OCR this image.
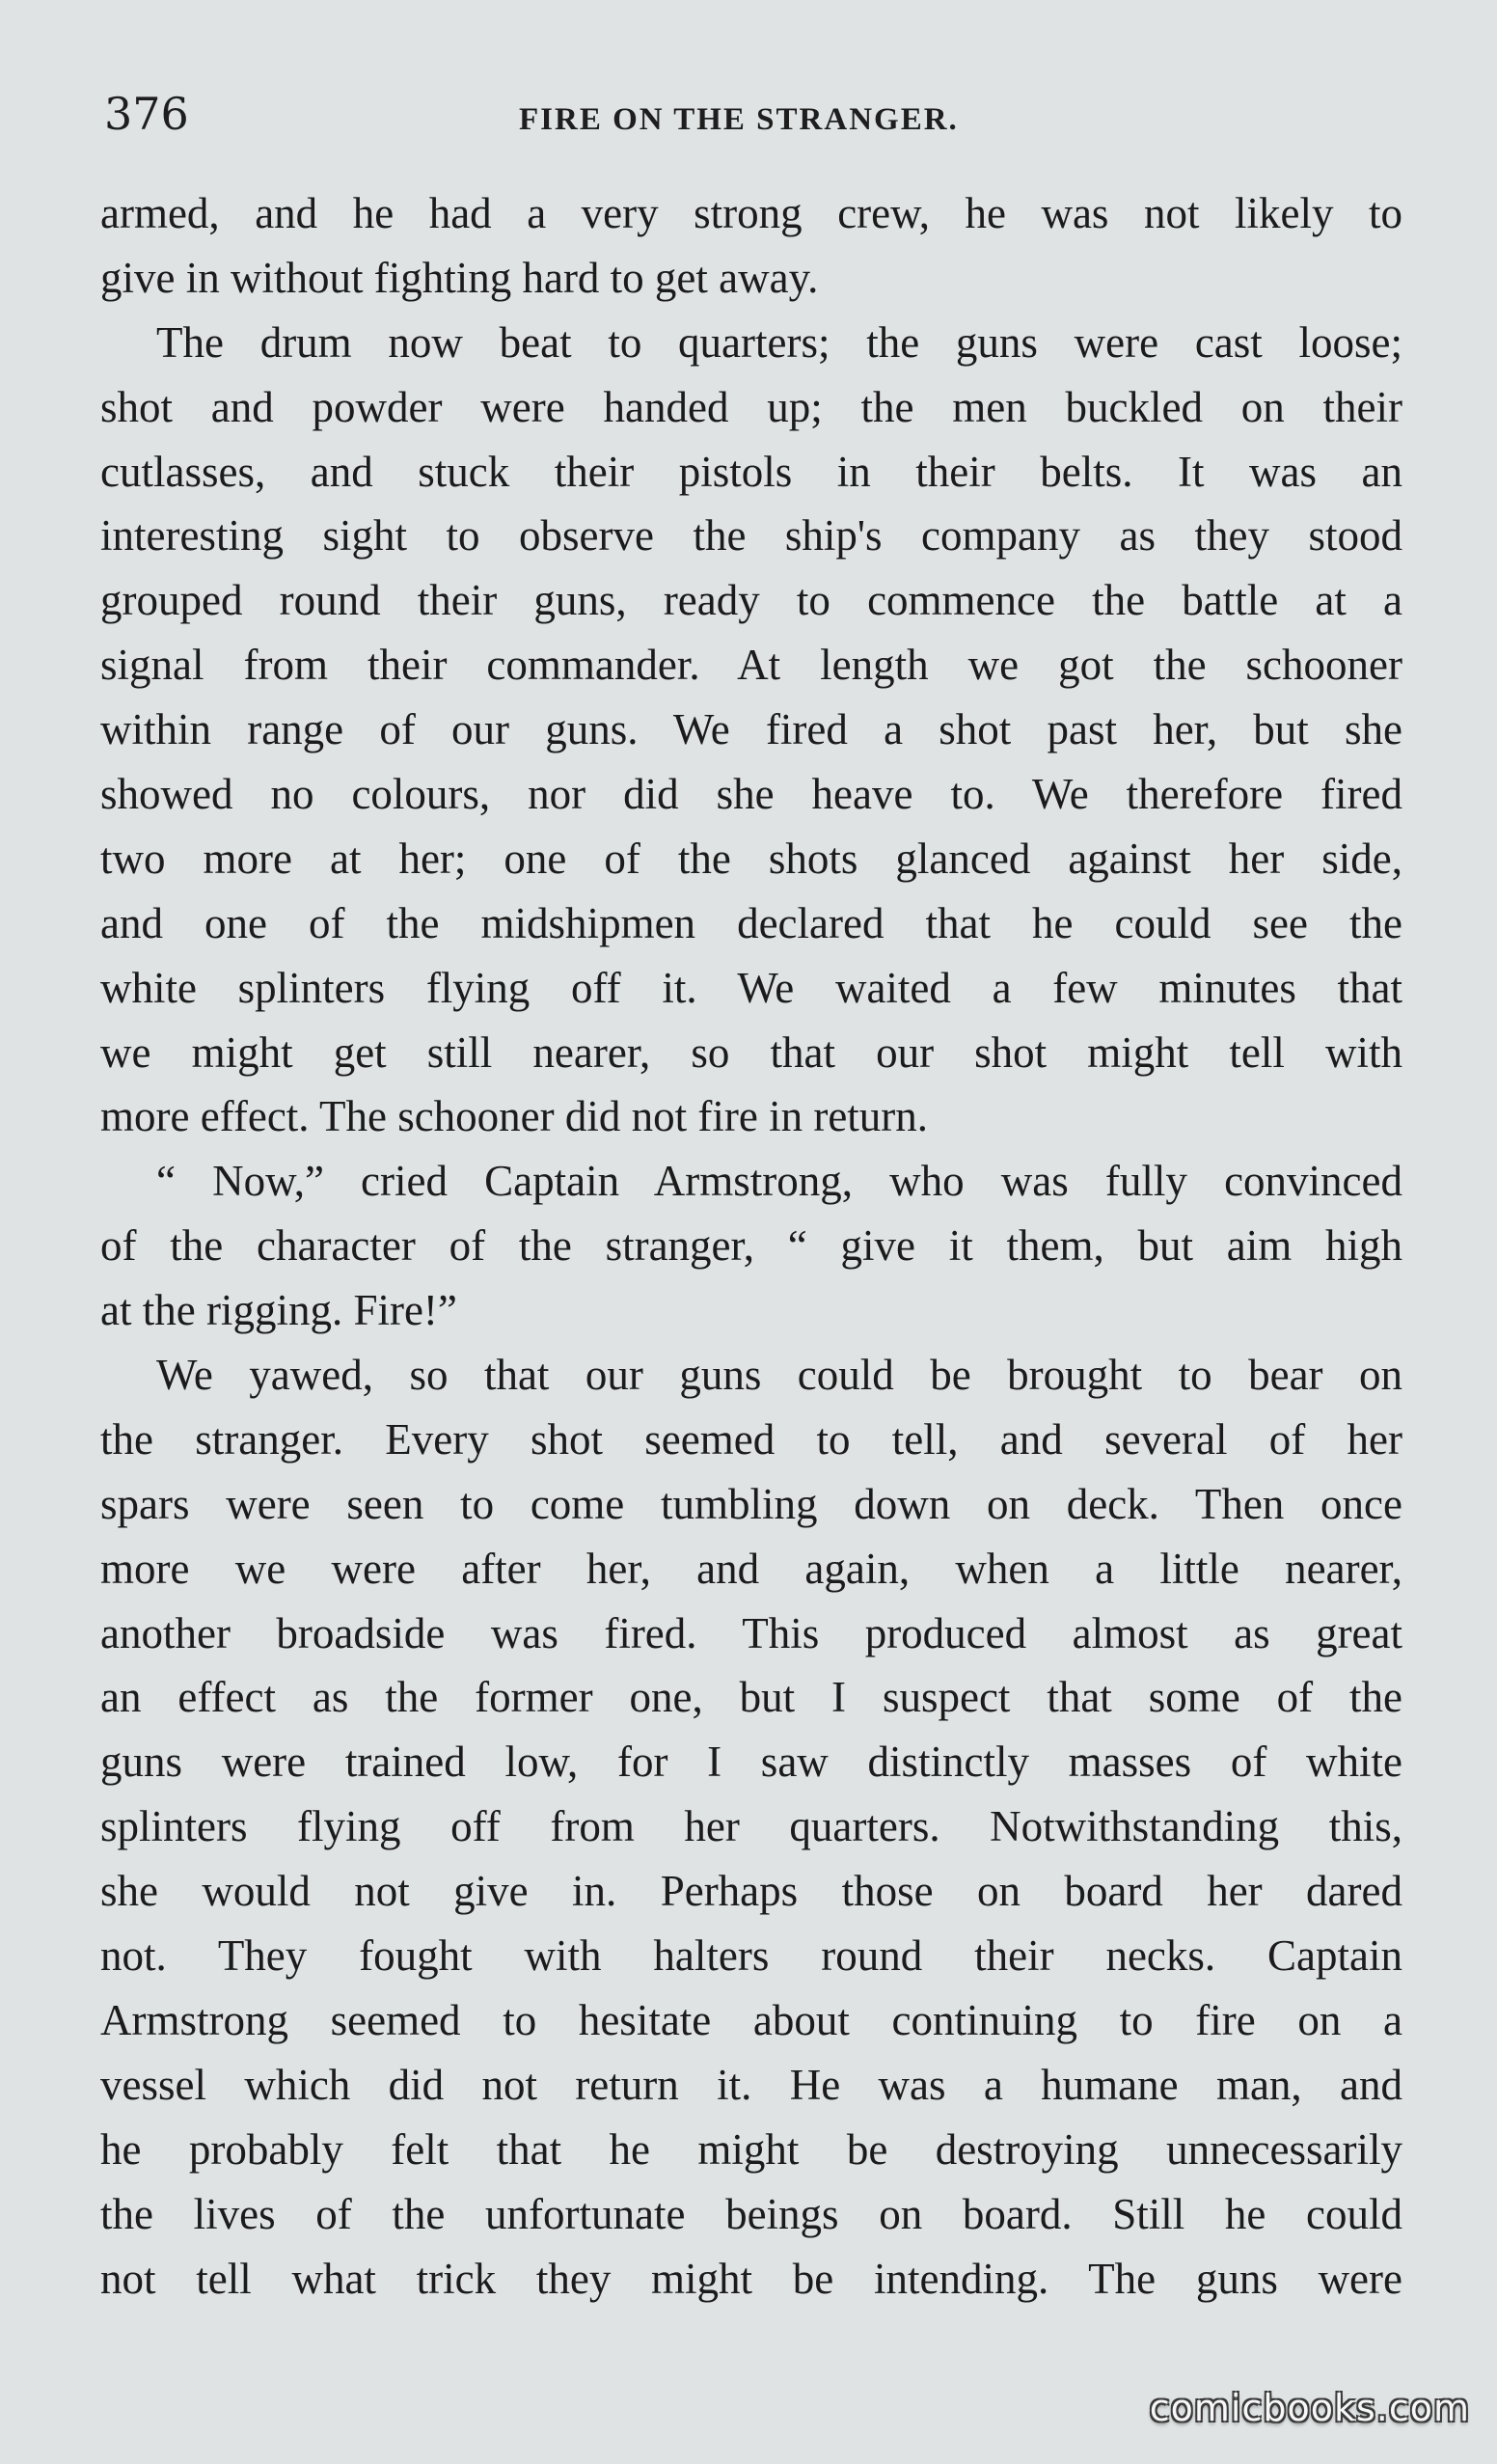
376	FIRE ON THE STRANGER.
armed, and he had a very strong crew, he was not likely to
give in without fighting hard to get away.
The drum now beat to quarters; the guns were cast loose;
shot and powder were handed up; the men buckled on their
cutlasses, and stuck their pistols in their belts. It was an
interesting sight to observe the ship's company as they stood
grouped round their guns, ready to commence the battle at a
signal from their commander. At length we got the schooner
within range of our guns. We fired a shot past her, but she
showed no colours, nor did she heave to. We therefore fired
two more at her; one of the shots glanced against her side,
and one of the midshipmen declared that he could see the
white splinters flying off it. We waited a few minutes that
we might get still nearer, so that our shot might tell with
more effect. The schooner did not fire in return.
“ Now,” cried Captain Armstrong, who was fully convinced
of the character of the stranger, “ give it them, but aim high
at the rigging. Fire!”
We yawed, so that our guns could be brought to bear on
the stranger. Every shot seemed to tell, and several of her
spars were seen to come tumbling down on deck. Then once
more we were after her, and again, when a little nearer,
another broadside was fired. This produced almost as great
an effect as the former one, but I suspect that some of the
guns were trained low, for I saw distinctly masses of white
splinters flying off from her quarters. Notwithstanding this,
she would not give in. Perhaps those on board her dared
not. They fought with halters round their necks. Captain
Armstrong seemed to hesitate about continuing to fire on a
vessel which did not return it. He was a humane man, and
he probably felt that he might be destroying unnecessarily
the lives of the unfortunate beings on board. Still he could
not tell what trick they might be intending. The guns were
comicbooks.com
